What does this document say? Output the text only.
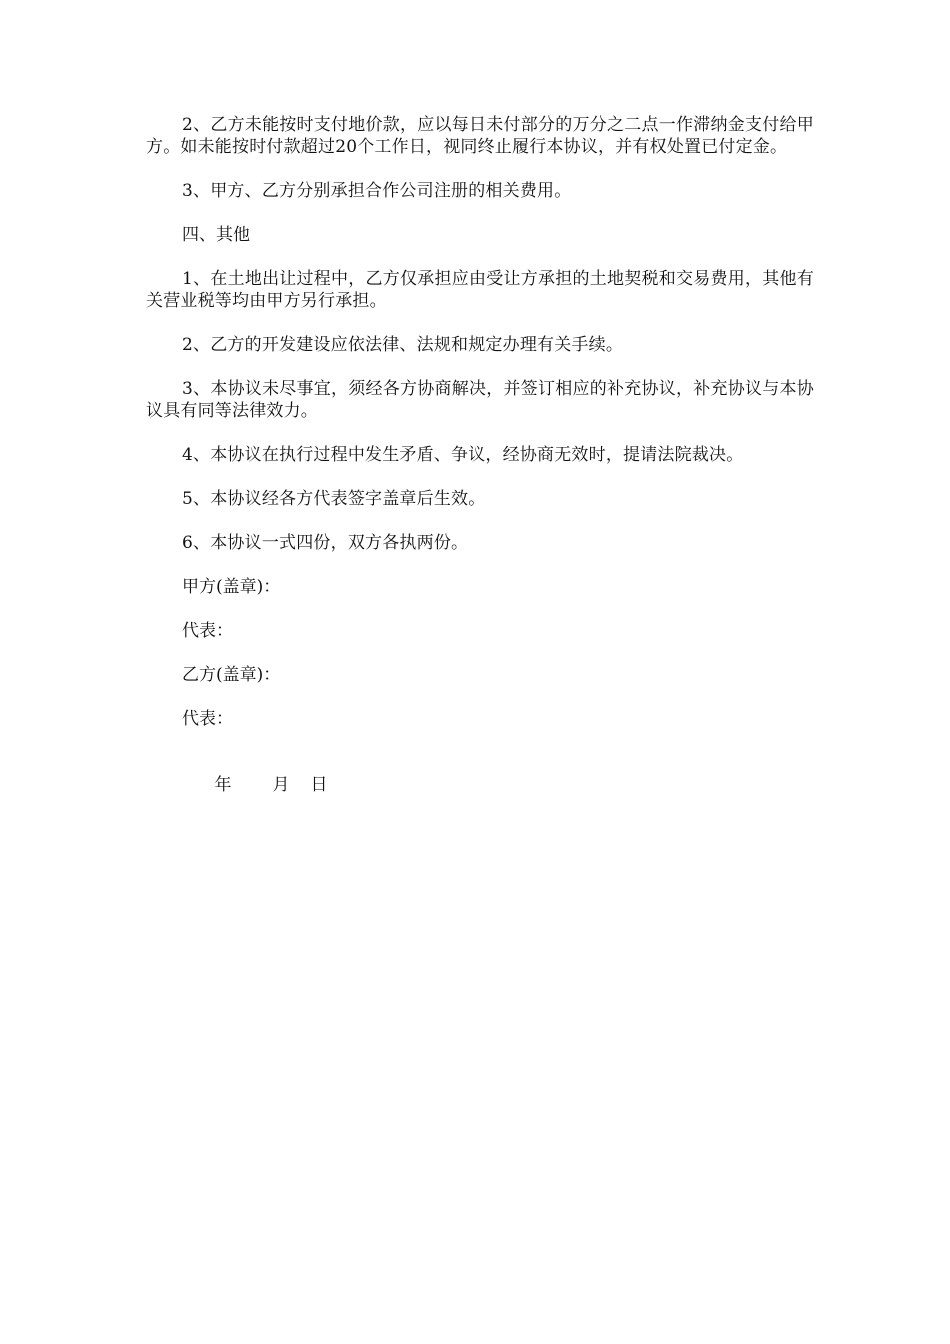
2、乙方未能按时支付地价款，应以每日未付部分的万分之二点一作滞纳金支付给甲方。如未能按时付款超过20个工作日，视同终止履行本协议，并有权处置已付定金。

3、甲方、乙方分别承担合作公司注册的相关费用。

四、其他

1、在土地出让过程中，乙方仅承担应由受让方承担的土地契税和交易费用，其他有关营业税等均由甲方另行承担。

2、乙方的开发建设应依法律、法规和规定办理有关手续。

3、本协议未尽事宜，须经各方协商解决，并签订相应的补充协议，补充协议与本协议具有同等法律效力。

4、本协议在执行过程中发生矛盾、争议，经协商无效时，提请法院裁决。

5、本协议经各方代表签字盖章后生效。

6、本协议一式四份，双方各执两份。

甲方(盖章)：

代表：

乙方(盖章)：

代表：

年 月 日
